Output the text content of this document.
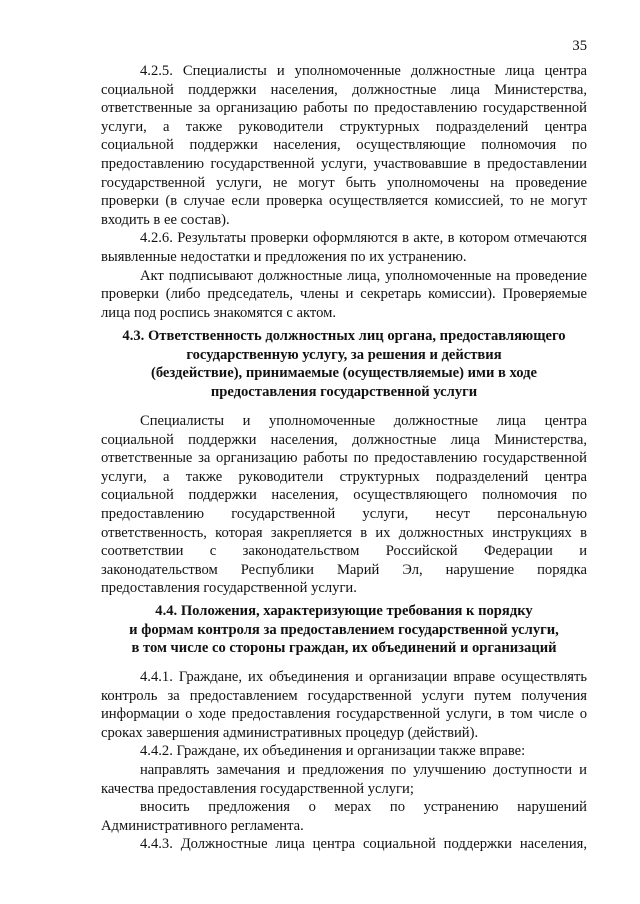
35

4.2.5. Специалисты и уполномоченные должностные лица центра социальной поддержки населения, должностные лица Министерства, ответственные за организацию работы по предоставлению государственной услуги, а также руководители структурных подразделений центра социальной поддержки населения, осуществляющие полномочия по предоставлению государственной услуги, участвовавшие в предоставлении государственной услуги, не могут быть уполномочены на проведение проверки (в случае если проверка осуществляется комиссией, то не могут входить в ее состав).

4.2.6. Результаты проверки оформляются в акте, в котором отмечаются выявленные недостатки и предложения по их устранению.

Акт подписывают должностные лица, уполномоченные на проведение проверки (либо председатель, члены и секретарь комиссии). Проверяемые лица под роспись знакомятся с актом.

4.3. Ответственность должностных лиц органа, предоставляющего
государственную услугу, за решения и действия
(бездействие), принимаемые (осуществляемые) ими в ходе
предоставления государственной услуги

Специалисты и уполномоченные должностные лица центра социальной поддержки населения, должностные лица Министерства, ответственные за организацию работы по предоставлению государственной услуги, а также руководители структурных подразделений центра социальной поддержки населения, осуществляющего полномочия по предоставлению государственной услуги, несут персональную ответственность, которая закрепляется в их должностных инструкциях в соответствии с законодательством Российской Федерации и законодательством Республики Марий Эл, нарушение порядка предоставления государственной услуги.

4.4. Положения, характеризующие требования к порядку
и формам контроля за предоставлением государственной услуги,
в том числе со стороны граждан, их объединений и организаций

4.4.1. Граждане, их объединения и организации вправе осуществлять контроль за предоставлением государственной услуги путем получения информации о ходе предоставления государственной услуги, в том числе о сроках завершения административных процедур (действий).

4.4.2. Граждане, их объединения и организации также вправе:

направлять замечания и предложения по улучшению доступности и качества предоставления государственной услуги;

вносить предложения о мерах по устранению нарушений Административного регламента.

4.4.3. Должностные лица центра социальной поддержки населения,
